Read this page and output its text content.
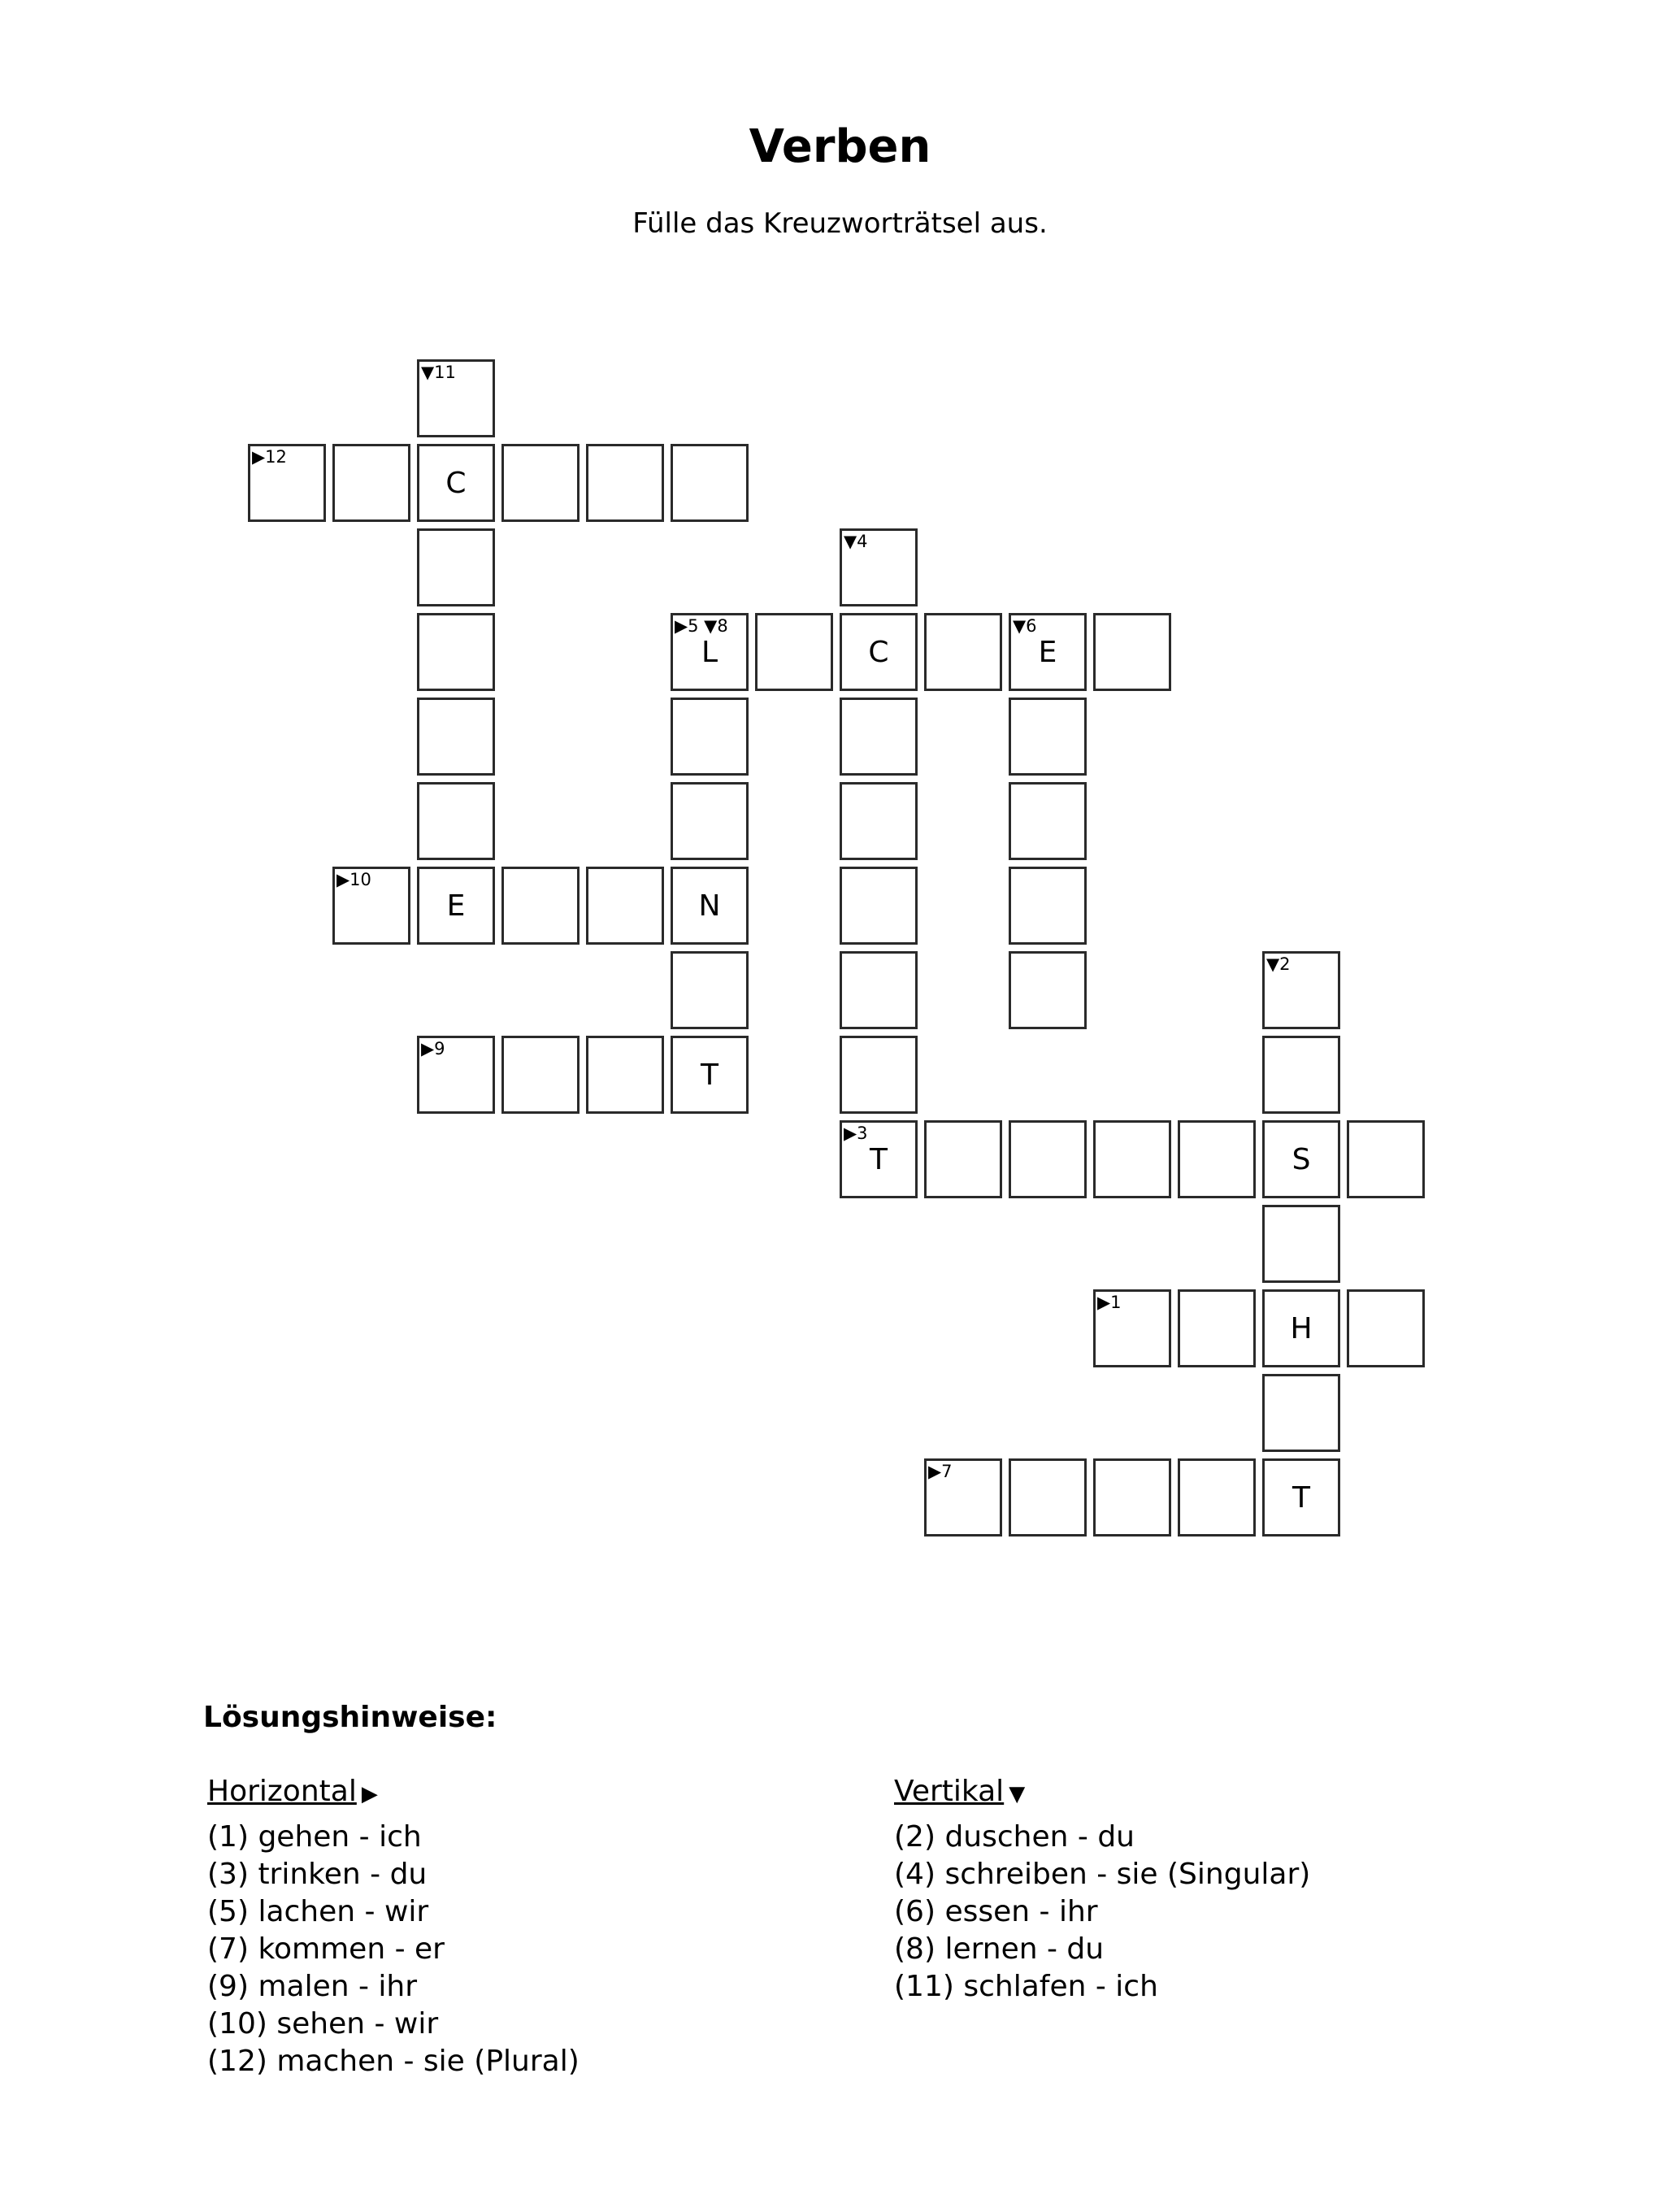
Verben
Fülle das Kreuzworträtsel aus.
▼11
▶12
C
▼4
▶5 ▼8
L	C
▼6
E
▶10
E	N
▼2
▶9
T
▶3
T	S
▶1
H
▶7
T
Lösungshinweise:
Horizontal ▶
(1) gehen - ich
(3) trinken - du
(5) lachen - wir
(7) kommen - er
(9) malen - ihr
(10) sehen - wir
(12) machen - sie (Plural)
Vertikal ▼
(2) duschen - du
(4) schreiben - sie (Singular)
(6) essen - ihr
(8) lernen - du
(11) schlafen - ich
